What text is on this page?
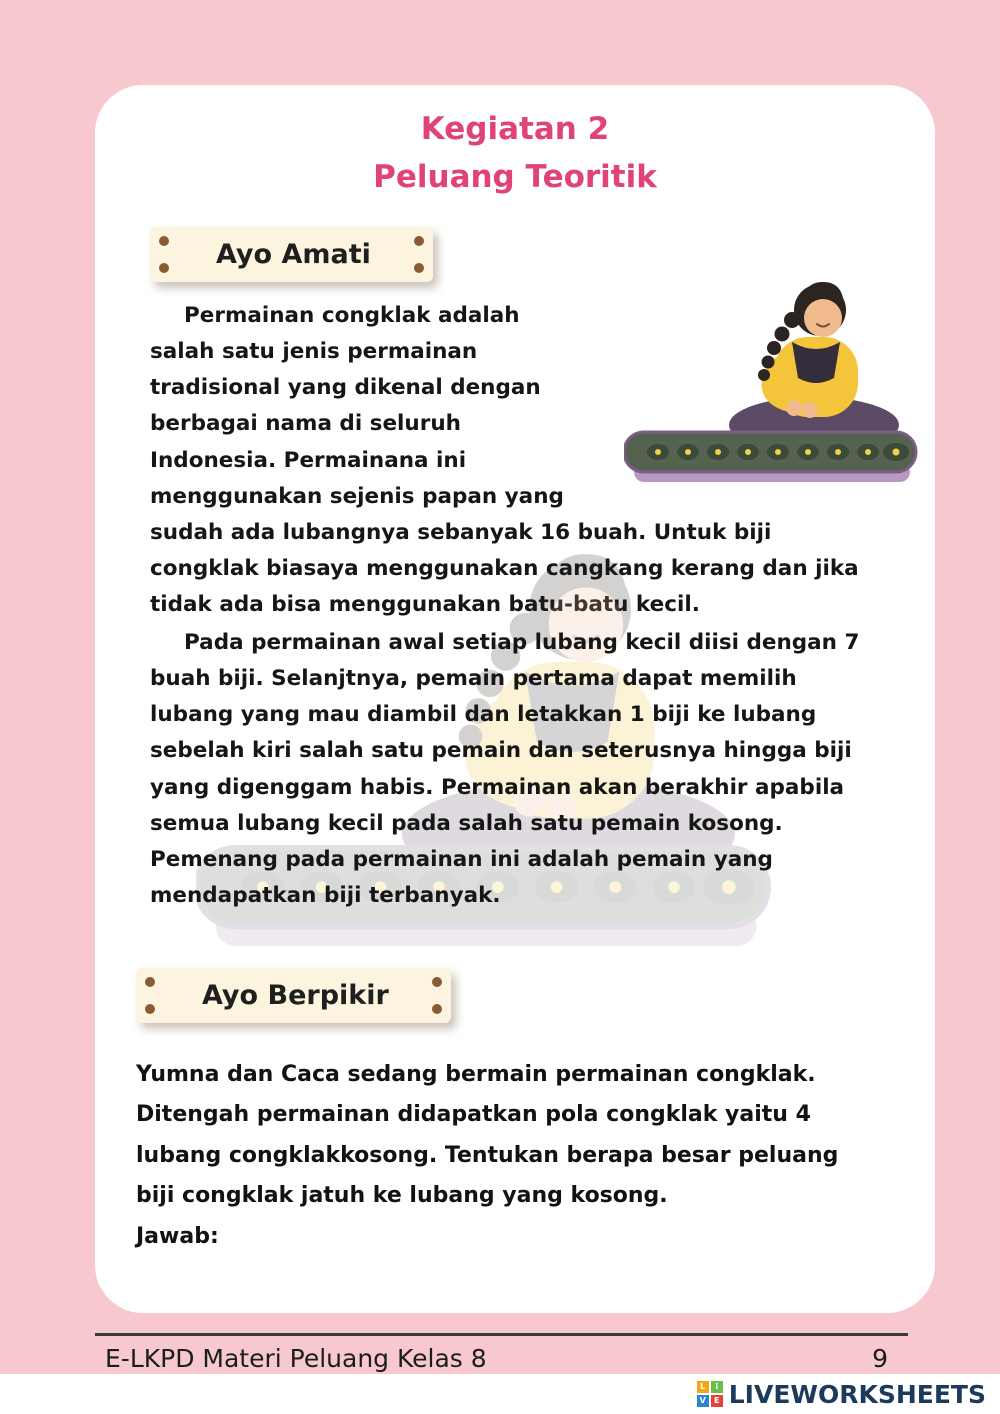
Kegiatan 2
Peluang Teoritik
Ayo Amati
Permainan congklak adalah salah satu jenis permainan tradisional yang dikenal dengan berbagai nama di seluruh Indonesia. Permainana ini menggunakan sejenis papan yang sudah ada lubangnya sebanyak 16 buah. Untuk biji congklak biasaya menggunakan cangkang kerang dan jika tidak ada bisa menggunakan batu-batu kecil.
Pada permainan awal setiap lubang kecil diisi dengan 7 buah biji. Selanjtnya, pemain pertama dapat memilih lubang yang mau diambil dan letakkan 1 biji ke lubang sebelah kiri salah satu pemain dan seterusnya hingga biji yang digenggam habis. Permainan akan berakhir apabila semua lubang kecil pada salah satu pemain kosong. Pemenang pada permainan ini adalah pemain yang mendapatkan biji terbanyak.
Ayo Berpikir
Yumna dan Caca sedang bermain permainan congklak. Ditengah permainan didapatkan pola congklak yaitu 4 lubang congklakkosong. Tentukan berapa besar peluang biji congklak jatuh ke lubang yang kosong.
Jawab:
E-LKPD Materi Peluang Kelas 8	9
L	I
V	E LIVEWORKSHEETS
